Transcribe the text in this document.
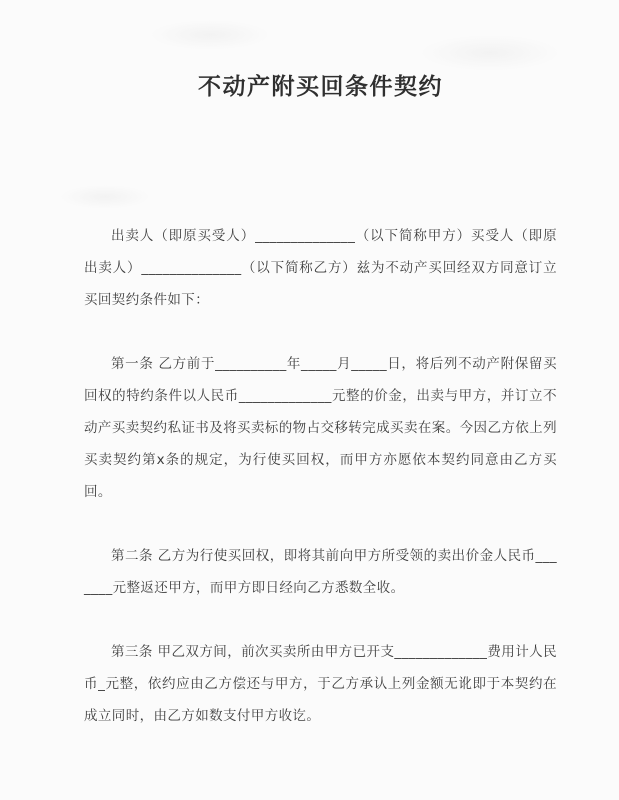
不动产附买回条件契约

出卖人（即原买受人）______________（以下简称甲方）买受人（即原出卖人）______________（以下简称乙方）兹为不动产买回经双方同意订立买回契约条件如下：

第一条 乙方前于__________年_____月_____日，将后列不动产附保留买回权的特约条件以人民币_____________元整的价金，出卖与甲方，并订立不动产买卖契约私证书及将买卖标的物占交移转完成买卖在案。今因乙方依上列买卖契约第x条的规定，为行使买回权，而甲方亦愿依本契约同意由乙方买回。

第二条 乙方为行使买回权，即将其前向甲方所受领的卖出价金人民币_______元整返还甲方，而甲方即日经向乙方悉数全收。

第三条 甲乙双方间，前次买卖所由甲方已开支_____________费用计人民币_元整，依约应由乙方偿还与甲方，于乙方承认上列金额无讹即于本契约在成立同时，由乙方如数支付甲方收讫。
